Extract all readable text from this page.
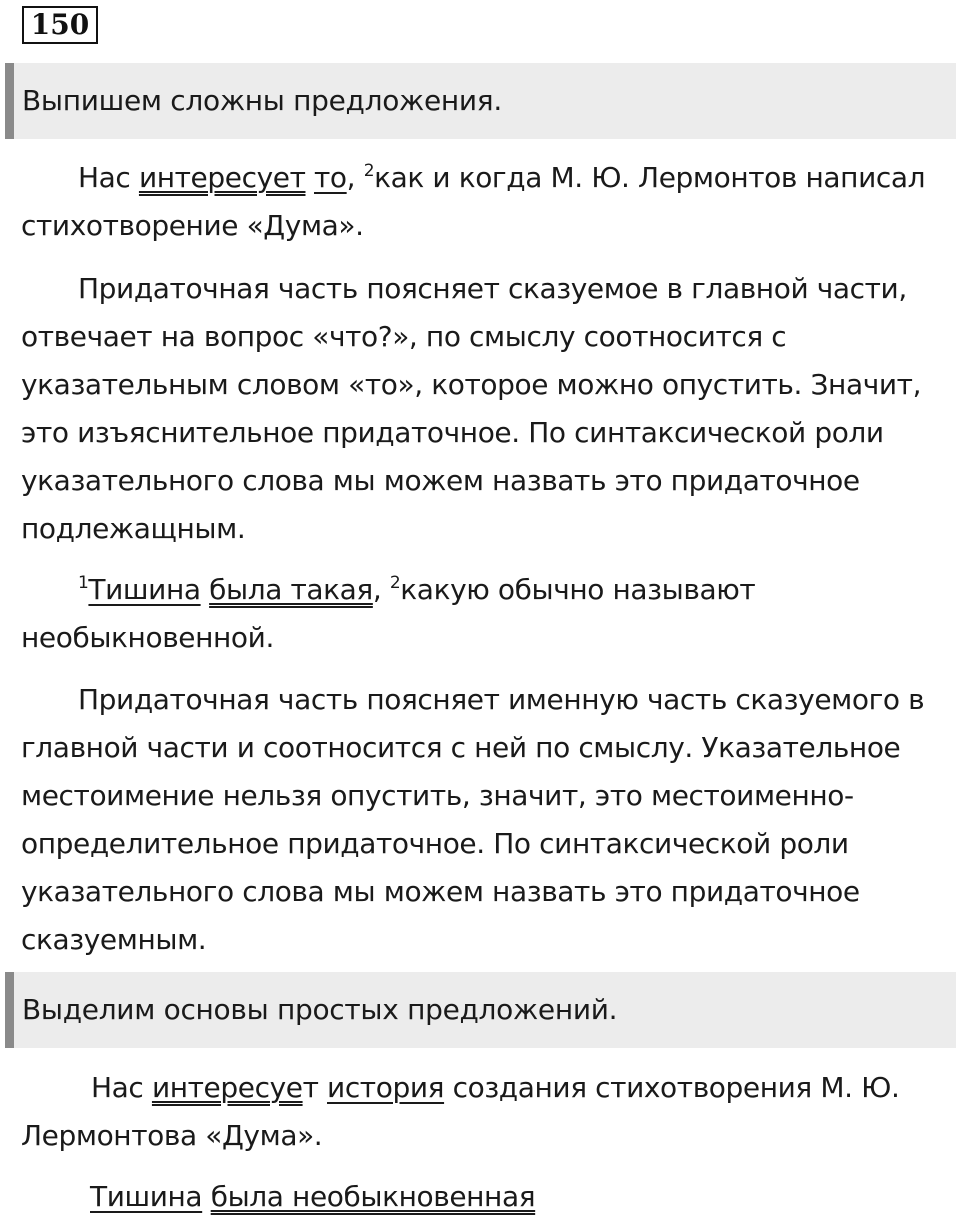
150
Выпишем сложны предложения.

Нас интересует то, $^2$как и когда М. Ю. Лермонтов написал стихотворение «Дума».

Придаточная часть поясняет сказуемое в главной части, отвечает на вопрос «что?», по смыслу соотносится с указательным словом «то», которое можно опустить. Значит, это изъяснительное придаточное. По синтаксической роли указательного слова мы можем назвать это придаточное подлежащным.

$^1$Тишина была такая, $^2$какую обычно называют необыкновенной.

Придаточная часть поясняет именную часть сказуемого в главной части и соотносится с ней по смыслу. Указательное местоимение нельзя опустить, значит, это местоименно-определительное придаточное. По синтаксической роли указательного слова мы можем назвать это придаточное сказуемным.

Выделим основы простых предложений.

Нас интересует история создания стихотворения М. Ю. Лермонтова «Дума».

Тишина была необыкновенная
